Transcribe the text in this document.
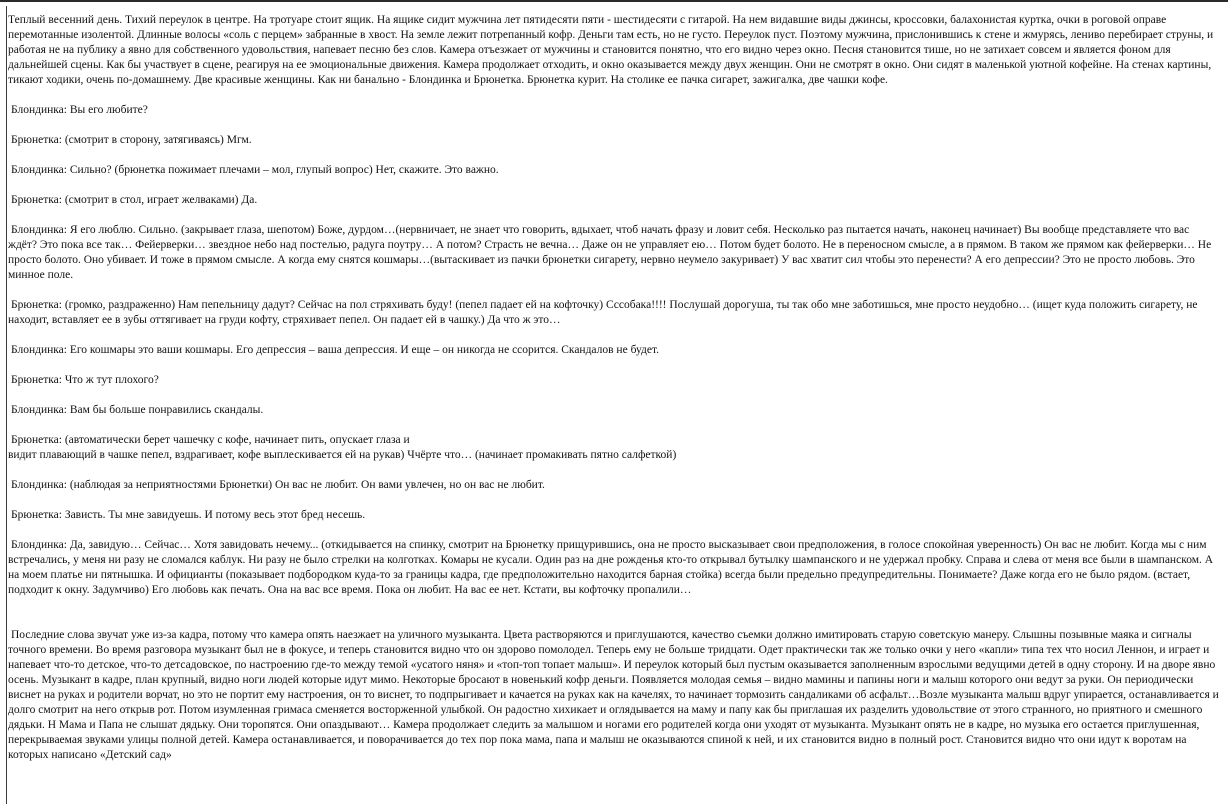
Теплый весенний день. Тихий переулок в центре. На тротуаре стоит ящик. На ящике сидит мужчина лет пятидесяти пяти - шестидесяти с гитарой. На нем видавшие виды джинсы, кроссовки, балахонистая куртка, очки в роговой оправе перемотанные изолентой. Длинные волосы «соль с перцем» забранные в хвост. На земле лежит потрепанный кофр. Деньги там есть, но не густо. Переулок пуст. Поэтому мужчина, прислонившись к стене и жмурясь, лениво перебирает струны, и работая не на публику а явно для собственного удовольствия, напевает песню без слов. Камера отъезжает от мужчины и становится понятно, что его видно через окно. Песня становится тише, но не затихает совсем и является фоном для дальнейшей сцены. Как бы участвует в сцене, реагируя на ее эмоциональные движения. Камера продолжает отходить, и окно оказывается между двух женщин. Они не смотрят в окно. Они сидят в маленькой уютной кофейне. На стенах картины, тикают ходики, очень по-домашнему. Две красивые женщины. Как ни банально - Блондинка и Брюнетка. Брюнетка курит. На столике ее пачка сигарет, зажигалка, две чашки кофе.

Блондинка: Вы его любите?

Брюнетка: (смотрит в сторону, затягиваясь) Мгм.

Блондинка: Сильно? (брюнетка пожимает плечами – мол, глупый вопрос) Нет, скажите. Это важно.

Брюнетка: (смотрит в стол, играет желваками) Да.

Блондинка: Я его люблю. Сильно. (закрывает глаза, шепотом) Боже, дурдом…(нервничает, не знает что говорить, вдыхает, чтоб начать фразу и ловит себя. Несколько раз пытается начать, наконец начинает) Вы вообще представляете что вас ждёт? Это пока все так… Фейерверки… звездное небо над постелью, радуга поутру… А потом? Страсть не вечна… Даже он не управляет ею… Потом будет болото. Не в переносном смысле, а в прямом. В таком же прямом как фейерверки… Не просто болото. Оно убивает. И тоже в прямом смысле. А когда ему снятся кошмары…(вытаскивает из пачки брюнетки сигарету, нервно неумело закуривает) У вас хватит сил чтобы это перенести? А его депрессии? Это не просто любовь. Это минное поле.

Брюнетка: (громко, раздраженно) Нам пепельницу дадут? Сейчас на пол стряхивать буду! (пепел падает ей на кофточку) Сссобака!!!! Послушай дорогуша, ты так обо мне заботишься, мне просто неудобно… (ищет куда положить сигарету, не находит, вставляет ее в зубы оттягивает на груди кофту, стряхивает пепел. Он падает ей в чашку.) Да что ж это…

Блондинка: Его кошмары это ваши кошмары. Его депрессия – ваша депрессия. И еще – он никогда не ссорится. Скандалов не будет.

Брюнетка: Что ж тут плохого?

Блондинка: Вам бы больше понравились скандалы.

Брюнетка: (автоматически берет чашечку с кофе, начинает пить, опускает глаза и
видит плавающий в чашке пепел, вздрагивает, кофе выплескивается ей на рукав) Ччёрте что… (начинает промакивать пятно салфеткой)

Блондинка: (наблюдая за неприятностями Брюнетки) Он вас не любит. Он вами увлечен, но он вас не любит.

Брюнетка: Зависть. Ты мне завидуешь. И потому весь этот бред несешь.

Блондинка: Да, завидую… Сейчас… Хотя завидовать нечему... (откидывается на спинку, смотрит на Брюнетку прищурившись, она не просто высказывает свои предположения, в голосе спокойная уверенность) Он вас не любит. Когда мы с ним встречались, у меня ни разу не сломался каблук. Ни разу не было стрелки на колготках. Комары не кусали. Один раз на дне рожденья кто-то открывал бутылку шампанского и не удержал пробку. Справа и слева от меня все были в шампанском. А на моем платье ни пятнышка. И официанты (показывает подбородком куда-то за границы кадра, где предположительно находится барная стойка) всегда были предельно предупредительны. Понимаете? Даже когда его не было рядом. (встает, подходит к окну. Задумчиво) Его любовь как печать. Она на вас все время. Пока он любит. На вас ее нет. Кстати, вы кофточку пропалили…

Последние слова звучат уже из-за кадра, потому что камера опять наезжает на уличного музыканта. Цвета растворяются и приглушаются, качество съемки должно имитировать старую советскую манеру. Слышны позывные маяка и сигналы точного времени. Во время разговора музыкант был не в фокусе, и теперь становится видно что он здорово помолодел. Теперь ему не больше тридцати. Одет практически так же только очки у него «капли» типа тех что носил Леннон, и играет и напевает что-то детское, что-то детсадовское, по настроению где-то между темой «усатого няня» и «топ-топ топает малыш». И переулок который был пустым оказывается заполненным взрослыми ведущими детей в одну сторону. И на дворе явно осень. Музыкант в кадре, план крупный, видно ноги людей которые идут мимо. Некоторые бросают в новенький кофр деньги. Появляется молодая семья – видно мамины и папины ноги и малыш которого они ведут за руки. Он периодически виснет на руках и родители ворчат, но это не портит ему настроения, он то виснет, то подпрыгивает и качается на руках как на качелях, то начинает тормозить сандаликами об асфальт…Возле музыканта малыш вдруг упирается, останавливается и долго смотрит на него открыв рот. Потом изумленная гримаса сменяется восторженной улыбкой. Он радостно хихикает и оглядывается на маму и папу как бы приглашая их разделить удовольствие от этого странного, но приятного и смешного дядьки. Н Мама и Папа не слышат дядьку. Они торопятся. Они опаздывают… Камера продолжает следить за малышом и ногами его родителей когда они уходят от музыканта. Музыкант опять не в кадре, но музыка его остается приглушенная, перекрываемая звуками улицы полной детей. Камера останавливается, и поворачивается до тех пор пока мама, папа и малыш не оказываются спиной к ней, и их становится видно в полный рост. Становится видно что они идут к воротам на которых написано «Детский сад»
